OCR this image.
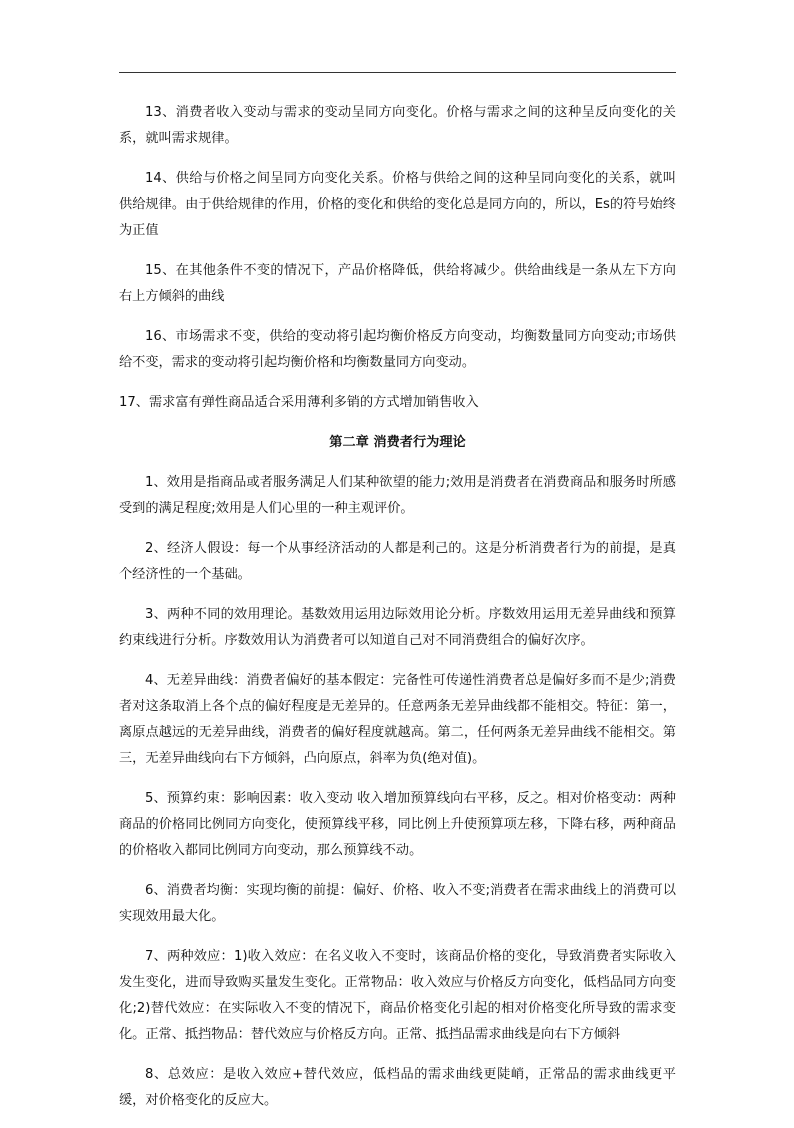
13、消费者收入变动与需求的变动呈同方向变化。价格与需求之间的这种呈反向变化的关系，就叫需求规律。

14、供给与价格之间呈同方向变化关系。价格与供给之间的这种呈同向变化的关系，就叫供给规律。由于供给规律的作用，价格的变化和供给的变化总是同方向的，所以，Es的符号始终为正值

15、在其他条件不变的情况下，产品价格降低，供给将减少。供给曲线是一条从左下方向右上方倾斜的曲线

16、市场需求不变，供给的变动将引起均衡价格反方向变动，均衡数量同方向变动;市场供给不变，需求的变动将引起均衡价格和均衡数量同方向变动。

17、需求富有弹性商品适合采用薄利多销的方式增加销售收入

第二章 消费者行为理论

1、效用是指商品或者服务满足人们某种欲望的能力;效用是消费者在消费商品和服务时所感受到的满足程度;效用是人们心里的一种主观评价。

2、经济人假设：每一个从事经济活动的人都是利己的。这是分析消费者行为的前提，是真个经济性的一个基础。

3、两种不同的效用理论。基数效用运用边际效用论分析。序数效用运用无差异曲线和预算约束线进行分析。序数效用认为消费者可以知道自己对不同消费组合的偏好次序。

4、无差异曲线：消费者偏好的基本假定：完备性可传递性消费者总是偏好多而不是少;消费者对这条取消上各个点的偏好程度是无差异的。任意两条无差异曲线都不能相交。特征：第一，离原点越远的无差异曲线，消费者的偏好程度就越高。第二，任何两条无差异曲线不能相交。第三，无差异曲线向右下方倾斜，凸向原点，斜率为负(绝对值)。

5、预算约束：影响因素：收入变动 收入增加预算线向右平移，反之。相对价格变动：两种商品的价格同比例同方向变化，使预算线平移，同比例上升使预算项左移，下降右移，两种商品的价格收入都同比例同方向变动，那么预算线不动。

6、消费者均衡：实现均衡的前提：偏好、价格、收入不变;消费者在需求曲线上的消费可以实现效用最大化。

7、两种效应：1)收入效应：在名义收入不变时，该商品价格的变化，导致消费者实际收入发生变化，进而导致购买量发生变化。正常物品：收入效应与价格反方向变化，低档品同方向变化;2)替代效应：在实际收入不变的情况下，商品价格变化引起的相对价格变化所导致的需求变化。正常、抵挡物品：替代效应与价格反方向。正常、抵挡品需求曲线是向右下方倾斜

8、总效应：是收入效应+替代效应，低档品的需求曲线更陡峭，正常品的需求曲线更平缓，对价格变化的反应大。
